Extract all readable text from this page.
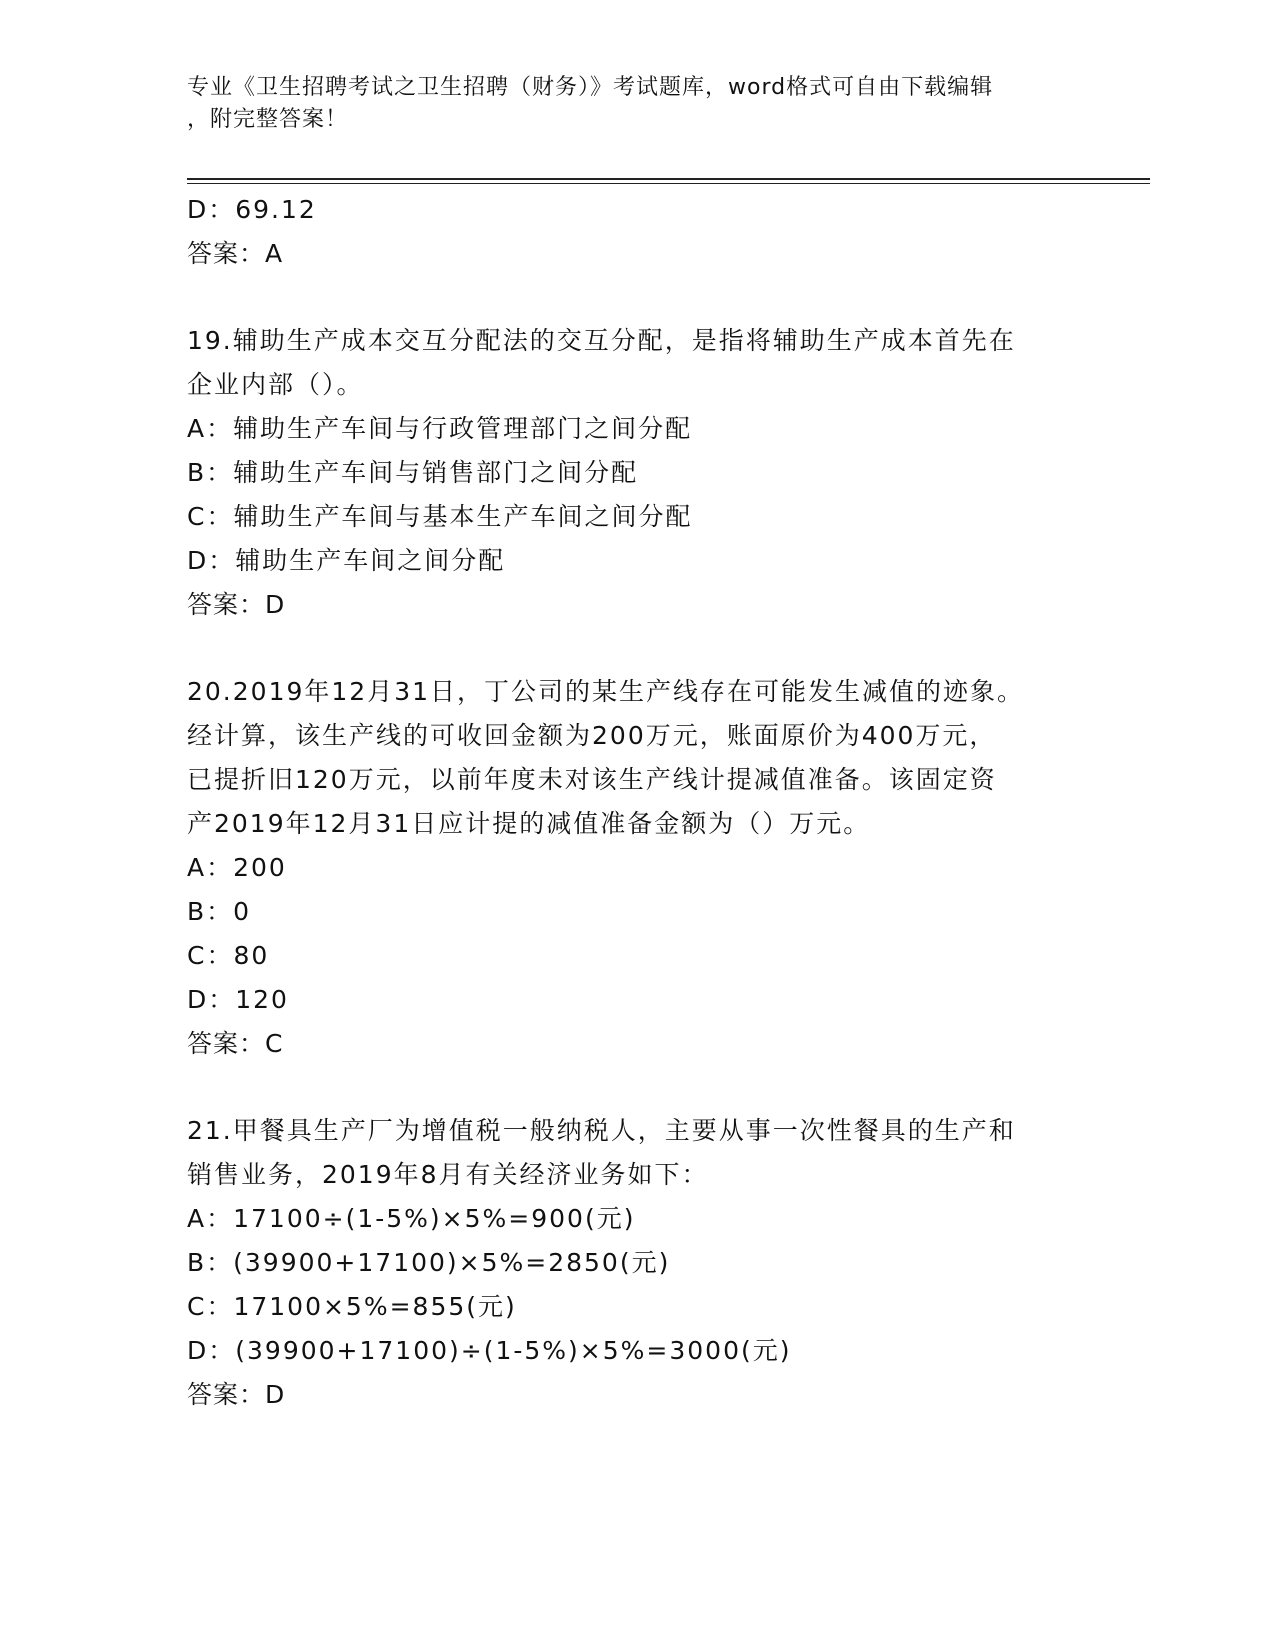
专业《卫生招聘考试之卫生招聘（财务）》考试题库，word格式可自由下载编辑
，附完整答案！
D：69.12
答案：A
19.辅助生产成本交互分配法的交互分配，是指将辅助生产成本首先在
企业内部（）。
A：辅助生产车间与行政管理部门之间分配
B：辅助生产车间与销售部门之间分配
C：辅助生产车间与基本生产车间之间分配
D：辅助生产车间之间分配
答案：D
20.2019年12月31日，丁公司的某生产线存在可能发生减值的迹象。
经计算，该生产线的可收回金额为200万元，账面原价为400万元，
已提折旧120万元，以前年度未对该生产线计提减值准备。该固定资
产2019年12月31日应计提的减值准备金额为（）万元。
A：200
B：0
C：80
D：120
答案：C
21.甲餐具生产厂为增值税一般纳税人，主要从事一次性餐具的生产和
销售业务，2019年8月有关经济业务如下：
A：17100÷(1-5%)×5%=900(元)
B：(39900+17100)×5%=2850(元)
C：17100×5%=855(元)
D：(39900+17100)÷(1-5%)×5%=3000(元)
答案：D
